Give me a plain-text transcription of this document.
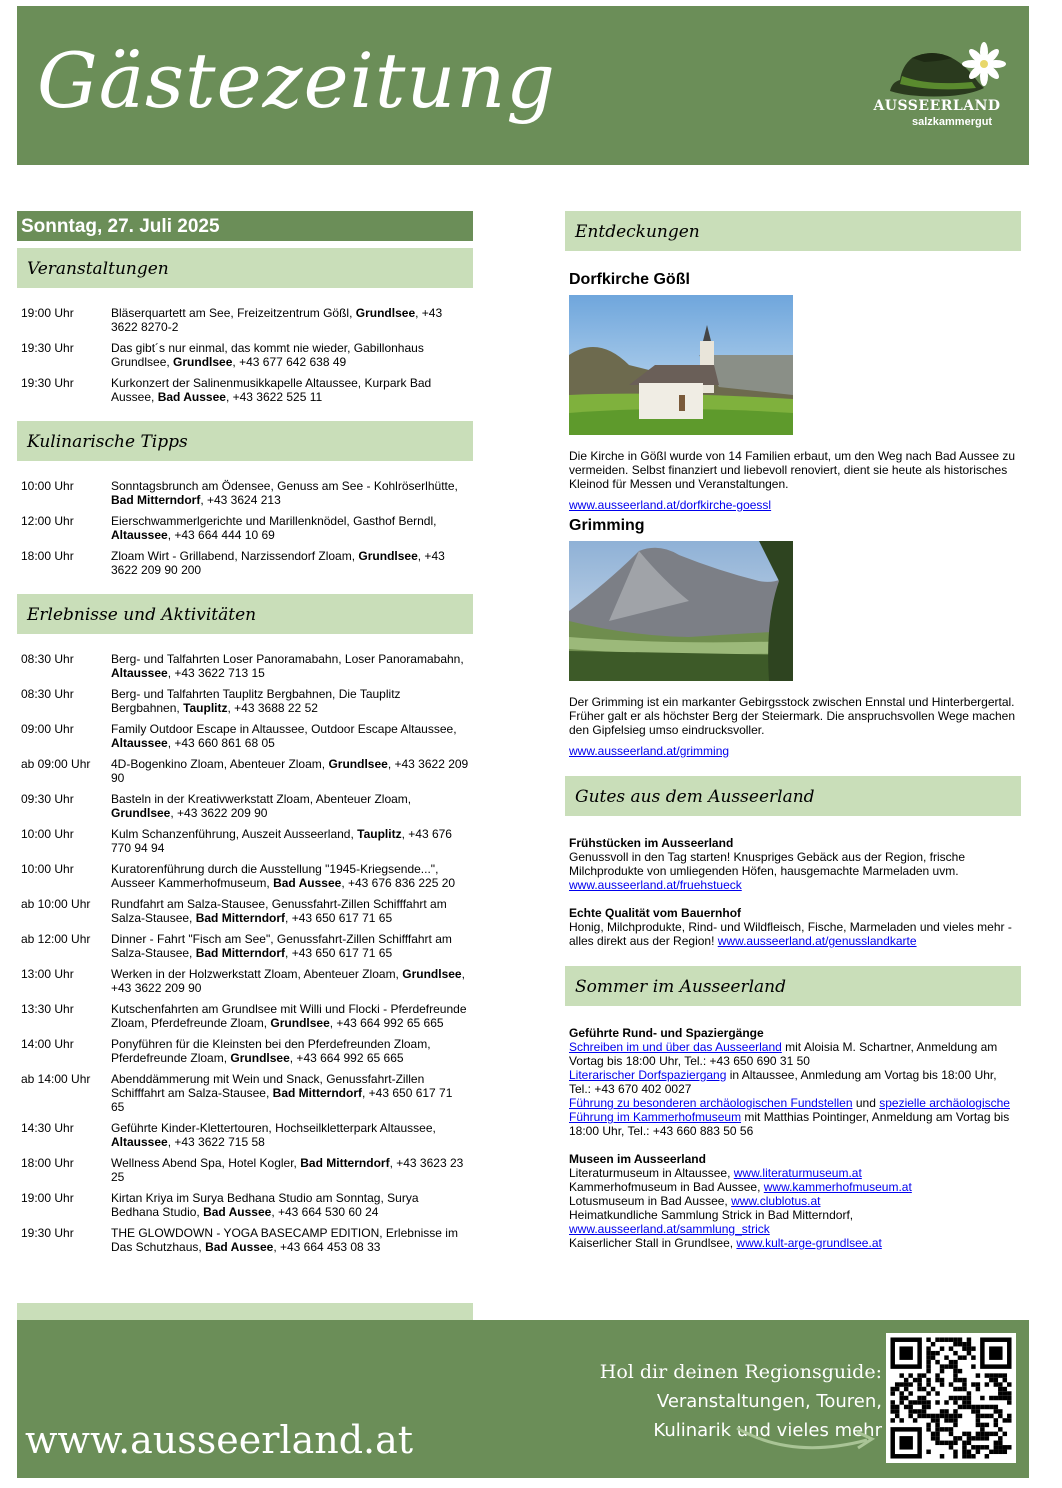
Gästezeitung	AUSSEERLAND
salzkammergut
Sonntag, 27. Juli 2025
Veranstaltungen
19:00 Uhr	Bläserquartett am See, Freizeitzentrum Gößl, Grundlsee, +43 3622 8270-2
19:30 Uhr	Das gibt´s nur einmal, das kommt nie wieder, Gabillonhaus Grundlsee, Grundlsee, +43 677 642 638 49
19:30 Uhr	Kurkonzert der Salinenmusikkapelle Altaussee, Kurpark Bad Aussee, Bad Aussee, +43 3622 525 11
Kulinarische Tipps
10:00 Uhr	Sonntagsbrunch am Ödensee, Genuss am See - Kohlröserlhütte, Bad Mitterndorf, +43 3624 213
12:00 Uhr	Eierschwammerlgerichte und Marillenknödel, Gasthof Berndl, Altaussee, +43 664 444 10 69
18:00 Uhr	Zloam Wirt - Grillabend, Narzissendorf Zloam, Grundlsee, +43 3622 209 90 200
Erlebnisse und Aktivitäten
08:30 Uhr	Berg- und Talfahrten Loser Panoramabahn, Loser Panoramabahn, Altaussee, +43 3622 713 15
08:30 Uhr	Berg- und Talfahrten Tauplitz Bergbahnen, Die Tauplitz Bergbahnen, Tauplitz, +43 3688 22 52
09:00 Uhr	Family Outdoor Escape in Altaussee, Outdoor Escape Altaussee, Altaussee, +43 660 861 68 05
ab 09:00 Uhr	4D-Bogenkino Zloam, Abenteuer Zloam, Grundlsee, +43 3622 209 90
09:30 Uhr	Basteln in der Kreativwerkstatt Zloam, Abenteuer Zloam, Grundlsee, +43 3622 209 90
10:00 Uhr	Kulm Schanzenführung, Auszeit Ausseerland, Tauplitz, +43 676 770 94 94
10:00 Uhr	Kuratorenführung durch die Ausstellung "1945-Kriegsende...", Ausseer Kammerhofmuseum, Bad Aussee, +43 676 836 225 20
ab 10:00 Uhr	Rundfahrt am Salza-Stausee, Genussfahrt-Zillen Schifffahrt am Salza-Stausee, Bad Mitterndorf, +43 650 617 71 65
ab 12:00 Uhr	Dinner - Fahrt "Fisch am See", Genussfahrt-Zillen Schifffahrt am Salza-Stausee, Bad Mitterndorf, +43 650 617 71 65
13:00 Uhr	Werken in der Holzwerkstatt Zloam, Abenteuer Zloam, Grundlsee, +43 3622 209 90
13:30 Uhr	Kutschenfahrten am Grundlsee mit Willi und Flocki - Pferdefreunde Zloam, Pferdefreunde Zloam, Grundlsee, +43 664 992 65 665
14:00 Uhr	Ponyführen für die Kleinsten bei den Pferdefreunden Zloam, Pferdefreunde Zloam, Grundlsee, +43 664 992 65 665
ab 14:00 Uhr	Abenddämmerung mit Wein und Snack, Genussfahrt-Zillen Schifffahrt am Salza-Stausee, Bad Mitterndorf, +43 650 617 71 65
14:30 Uhr	Geführte Kinder-Klettertouren, Hochseilkletterpark Altaussee, Altaussee, +43 3622 715 58
18:00 Uhr	Wellness Abend Spa, Hotel Kogler, Bad Mitterndorf, +43 3623 23 25
19:00 Uhr	Kirtan Kriya im Surya Bedhana Studio am Sonntag, Surya Bedhana Studio, Bad Aussee, +43 664 530 60 24
19:30 Uhr	THE GLOWDOWN - YOGA BASECAMP EDITION, Erlebnisse im Das Schutzhaus, Bad Aussee, +43 664 453 08 33
Entdeckungen
Dorfkirche Gößl
Die Kirche in Gößl wurde von 14 Familien erbaut, um den Weg nach Bad Aussee zu vermeiden. Selbst finanziert und liebevoll renoviert, dient sie heute als historisches Kleinod für Messen und Veranstaltungen.
www.ausseerland.at/dorfkirche-goessl
Grimming
Der Grimming ist ein markanter Gebirgsstock zwischen Ennstal und Hinterbergertal. Früher galt er als höchster Berg der Steiermark. Die anspruchsvollen Wege machen den Gipfelsieg umso eindrucksvoller.
www.ausseerland.at/grimming
Gutes aus dem Ausseerland
Frühstücken im Ausseerland
Genussvoll in den Tag starten! Knuspriges Gebäck aus der Region, frische Milchprodukte von umliegenden Höfen, hausgemachte Marmeladen uvm.
www.ausseerland.at/fruehstueck
Echte Qualität vom Bauernhof
Honig, Milchprodukte, Rind- und Wildfleisch, Fische, Marmeladen und vieles mehr - alles direkt aus der Region! www.ausseerland.at/genusslandkarte
Sommer im Ausseerland
Geführte Rund- und Spaziergänge
Schreiben im und über das Ausseerland mit Aloisia M. Schartner, Anmeldung am Vortag bis 18:00 Uhr, Tel.: +43 650 690 31 50
Literarischer Dorfspaziergang in Altaussee, Anmledung am Vortag bis 18:00 Uhr, Tel.: +43 670 402 0027
Führung zu besonderen archäologischen Fundstellen und spezielle archäologische Führung im Kammerhofmuseum mit Matthias Pointinger, Anmeldung am Vortag bis 18:00 Uhr, Tel.: +43 660 883 50 56
Museen im Ausseerland
Literaturmuseum in Altaussee, www.literaturmuseum.at
Kammerhofmuseum in Bad Aussee, www.kammerhofmuseum.at
Lotusmuseum in Bad Aussee, www.clublotus.at
Heimatkundliche Sammlung Strick in Bad Mitterndorf, www.ausseerland.at/sammlung_strick
Kaiserlicher Stall in Grundlsee, www.kult-arge-grundlsee.at
www.ausseerland.at
Hol dir deinen Regionsguide:
Veranstaltungen, Touren,
Kulinarik und vieles mehr
